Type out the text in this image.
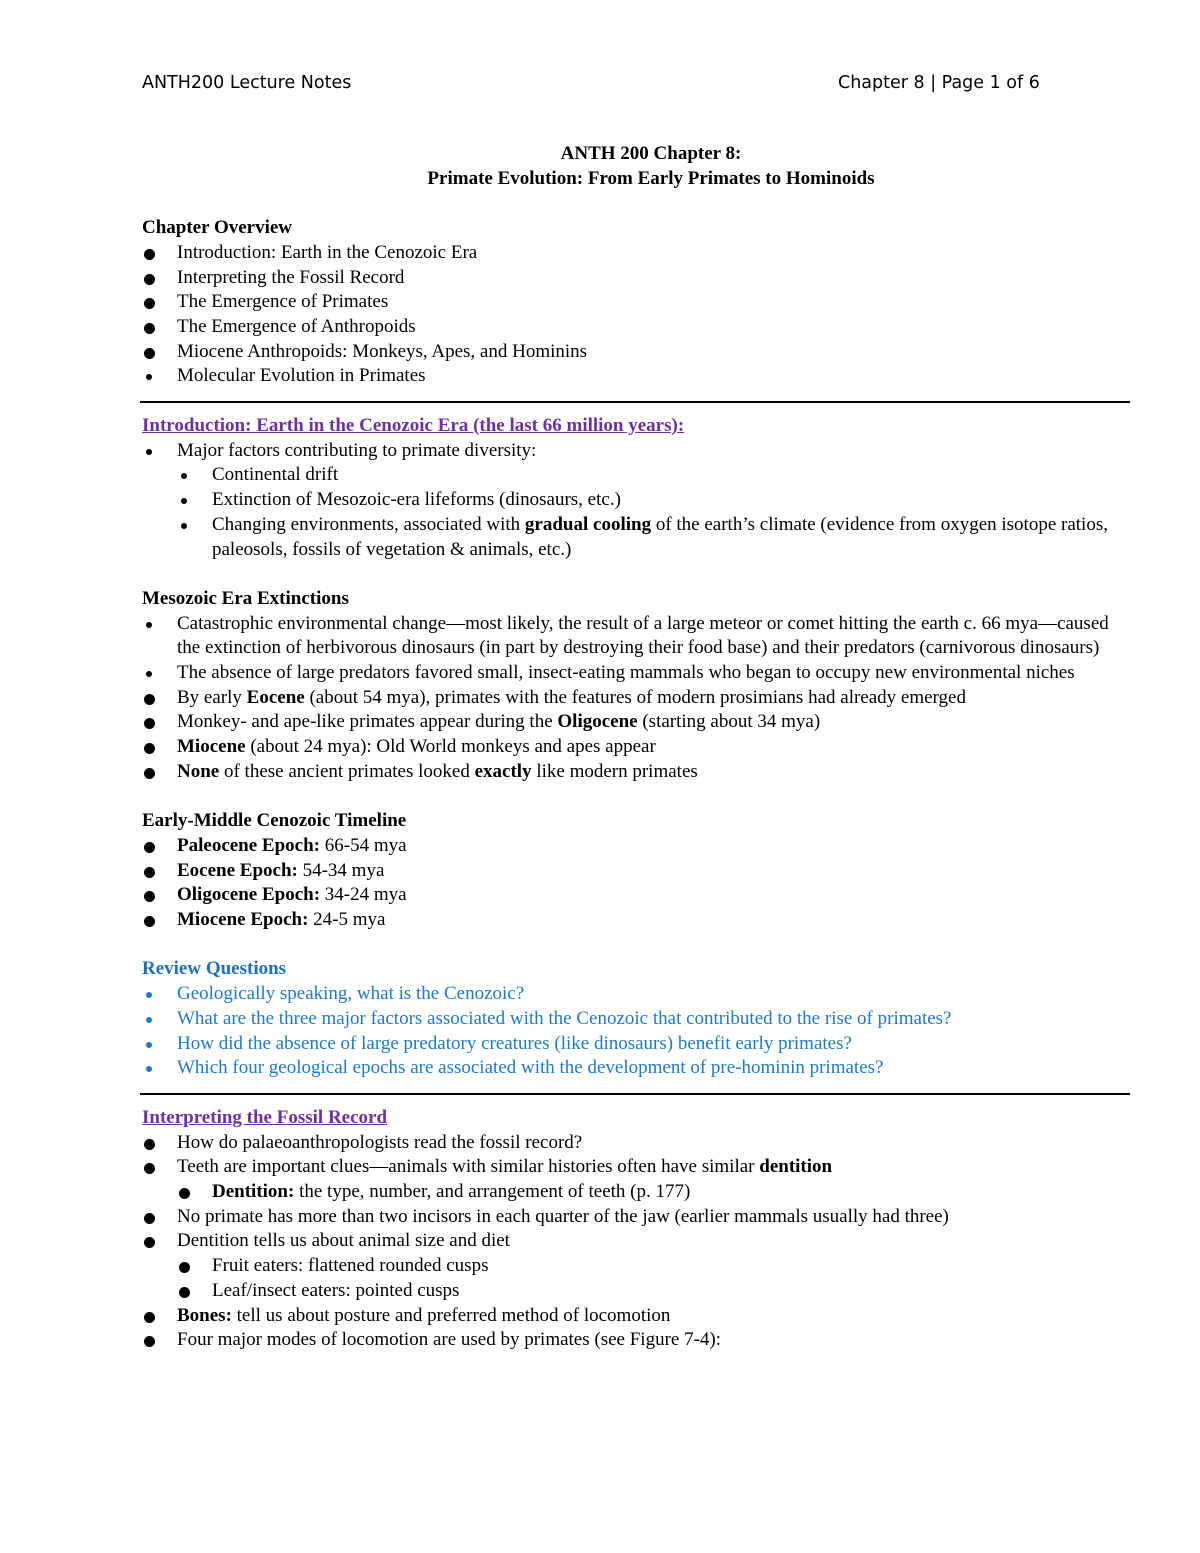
ANTH200 Lecture Notes	Chapter 8 | Page 1 of 6
ANTH 200 Chapter 8:
Primate Evolution: From Early Primates to Hominoids
Chapter Overview
Introduction: Earth in the Cenozoic Era
Interpreting the Fossil Record
The Emergence of Primates
The Emergence of Anthropoids
Miocene Anthropoids: Monkeys, Apes, and Hominins
Molecular Evolution in Primates
Introduction: Earth in the Cenozoic Era (the last 66 million years):
Major factors contributing to primate diversity:
Continental drift
Extinction of Mesozoic-era lifeforms (dinosaurs, etc.)
Changing environments, associated with gradual cooling of the earth’s climate (evidence from oxygen isotope ratios, paleosols, fossils of vegetation & animals, etc.)
Mesozoic Era Extinctions
Catastrophic environmental change—most likely, the result of a large meteor or comet hitting the earth c. 66 mya—caused the extinction of herbivorous dinosaurs (in part by destroying their food base) and their predators (carnivorous dinosaurs)
The absence of large predators favored small, insect-eating mammals who began to occupy new environmental niches
By early Eocene (about 54 mya), primates with the features of modern prosimians had already emerged
Monkey- and ape-like primates appear during the Oligocene (starting about 34 mya)
Miocene (about 24 mya): Old World monkeys and apes appear
None of these ancient primates looked exactly like modern primates
Early-Middle Cenozoic Timeline
Paleocene Epoch: 66-54 mya
Eocene Epoch: 54-34 mya
Oligocene Epoch: 34-24 mya
Miocene Epoch: 24-5 mya
Review Questions
Geologically speaking, what is the Cenozoic?
What are the three major factors associated with the Cenozoic that contributed to the rise of primates?
How did the absence of large predatory creatures (like dinosaurs) benefit early primates?
Which four geological epochs are associated with the development of pre-hominin primates?
Interpreting the Fossil Record
How do palaeoanthropologists read the fossil record?
Teeth are important clues—animals with similar histories often have similar dentition
Dentition: the type, number, and arrangement of teeth (p. 177)
No primate has more than two incisors in each quarter of the jaw (earlier mammals usually had three)
Dentition tells us about animal size and diet
Fruit eaters: flattened rounded cusps
Leaf/insect eaters: pointed cusps
Bones: tell us about posture and preferred method of locomotion
Four major modes of locomotion are used by primates (see Figure 7-4):
